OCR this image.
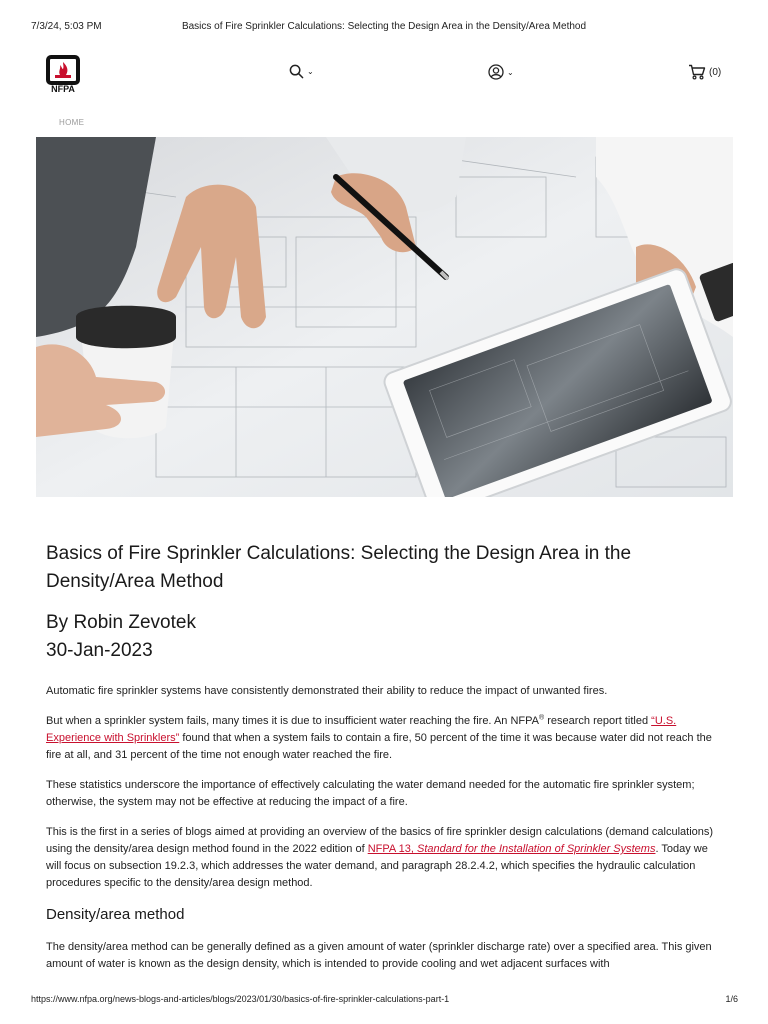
7/3/24, 5:03 PM	Basics of Fire Sprinkler Calculations: Selecting the Design Area in the Density/Area Method
NFPA
⌄	⌄	(0)
HOME
Basics of Fire Sprinkler Calculations: Selecting the Design Area in the Density/Area Method
By Robin Zevotek
30-Jan-2023

Automatic fire sprinkler systems have consistently demonstrated their ability to reduce the impact of unwanted fires.

But when a sprinkler system fails, many times it is due to insufficient water reaching the fire. An NFPA® research report titled “U.S. Experience with Sprinklers” found that when a system fails to contain a fire, 50 percent of the time it was because water did not reach the fire at all, and 31 percent of the time not enough water reached the fire.

These statistics underscore the importance of effectively calculating the water demand needed for the automatic fire sprinkler system; otherwise, the system may not be effective at reducing the impact of a fire.

This is the first in a series of blogs aimed at providing an overview of the basics of fire sprinkler design calculations (demand calculations) using the density/area design method found in the 2022 edition of NFPA 13, Standard for the Installation of Sprinkler Systems. Today we will focus on subsection 19.2.3, which addresses the water demand, and paragraph 28.2.4.2, which specifies the hydraulic calculation procedures specific to the density/area design method.

Density/area method

The density/area method can be generally defined as a given amount of water (sprinkler discharge rate) over a specified area. This given amount of water is known as the design density, which is intended to provide cooling and wet adjacent surfaces with

https://www.nfpa.org/news-blogs-and-articles/blogs/2023/01/30/basics-of-fire-sprinkler-calculations-part-1	1/6
